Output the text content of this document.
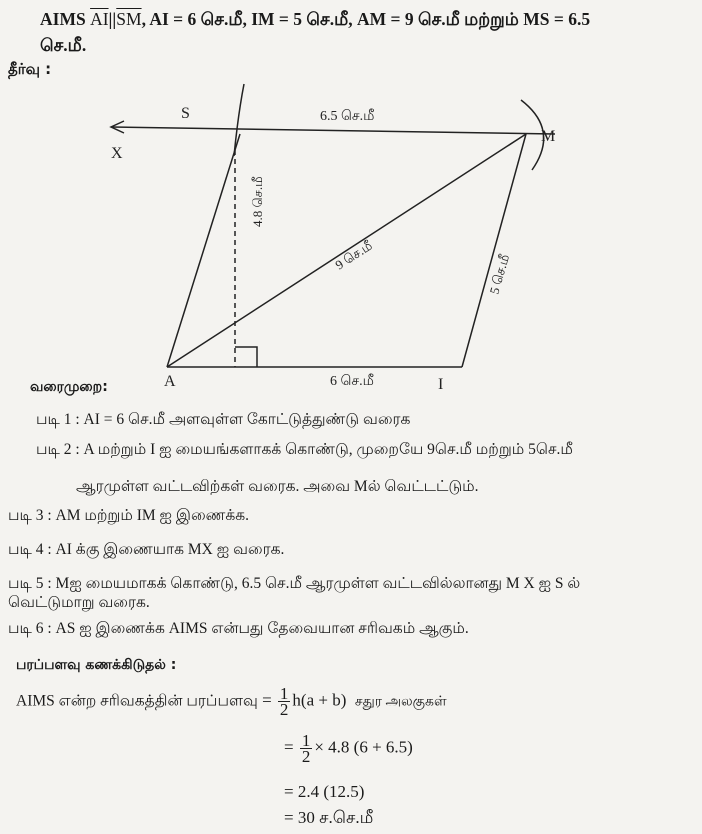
AIMS $\overline{AI}||\overline{SM}$, AI = 6 செ.மீ, IM = 5 செ.மீ, AM = 9 செ.மீ மற்றும் MS = 6.5
செ.மீ.
தீர்வு :
S
X
M
A	I
6.5 செ.மீ
6 செ.மீ
4.8 செ.மீ
9 செ.மீ	5 செ.மீ
வரைமுறை:
படி 1 : AI = 6 செ.மீ அளவுள்ள கோட்டுத்துண்டு வரைக
படி 2 : A மற்றும் I ஐ மையங்களாகக் கொண்டு, முறையே 9செ.மீ மற்றும் 5செ.மீ
ஆரமுள்ள வட்டவிற்கள் வரைக. அவை Mல் வெட்டட்டும்.
படி 3 : AM மற்றும் IM ஐ இணைக்க.
படி 4 : AI க்கு இணையாக MX ஐ வரைக.
படி 5 : Mஐ மையமாகக் கொண்டு, 6.5 செ.மீ ஆரமுள்ள வட்டவில்லானது M X ஐ S ல்
வெட்டுமாறு வரைக.
படி 6 : AS ஐ இணைக்க AIMS என்பது தேவையான சரிவகம் ஆகும்.
பரப்பளவு கணக்கிடுதல் :
AIMS என்ற சரிவகத்தின் பரப்பளவு = $\frac{1}{2} h(a + b)$ சதுர அலகுகள்
= $\frac{1}{2} \times 4.8$ (6 + 6.5)
= 2.4 (12.5)
= 30 ச.செ.மீ
